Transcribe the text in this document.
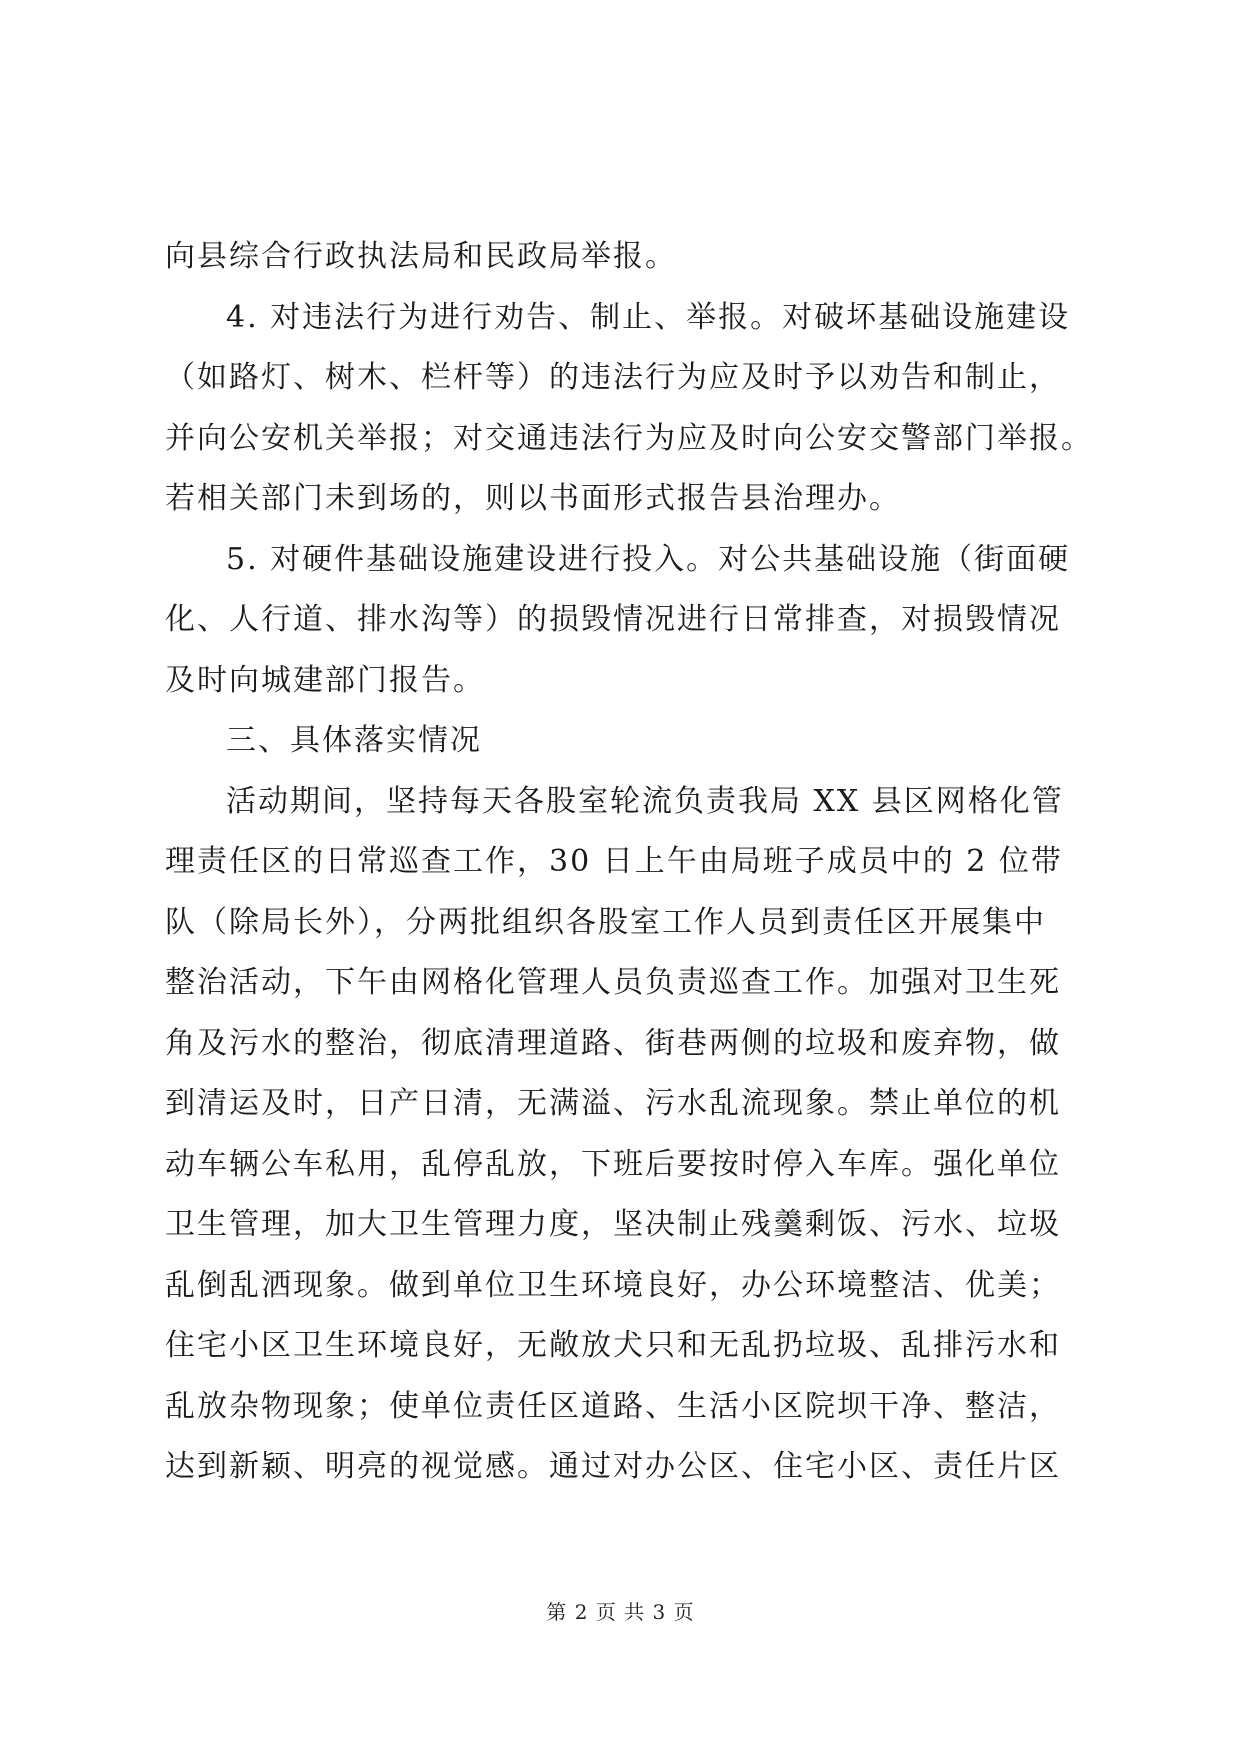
向县综合行政执法局和民政局举报。
4. 对违法行为进行劝告、制止、举报。对破坏基础设施建设
（如路灯、树木、栏杆等）的违法行为应及时予以劝告和制止，
并向公安机关举报；对交通违法行为应及时向公安交警部门举报。
若相关部门未到场的，则以书面形式报告县治理办。
5. 对硬件基础设施建设进行投入。对公共基础设施（街面硬
化、人行道、排水沟等）的损毁情况进行日常排查，对损毁情况
及时向城建部门报告。
三、具体落实情况
活动期间，坚持每天各股室轮流负责我局 XX 县区网格化管
理责任区的日常巡查工作，30 日上午由局班子成员中的 2 位带
队（除局长外），分两批组织各股室工作人员到责任区开展集中
整治活动，下午由网格化管理人员负责巡查工作。加强对卫生死
角及污水的整治，彻底清理道路、街巷两侧的垃圾和废弃物，做
到清运及时，日产日清，无满溢、污水乱流现象。禁止单位的机
动车辆公车私用，乱停乱放，下班后要按时停入车库。强化单位
卫生管理，加大卫生管理力度，坚决制止残羹剩饭、污水、垃圾
乱倒乱洒现象。做到单位卫生环境良好，办公环境整洁、优美；
住宅小区卫生环境良好，无敞放犬只和无乱扔垃圾、乱排污水和
乱放杂物现象；使单位责任区道路、生活小区院坝干净、整洁，
达到新颖、明亮的视觉感。通过对办公区、住宅小区、责任片区
第 2 页 共 3 页
